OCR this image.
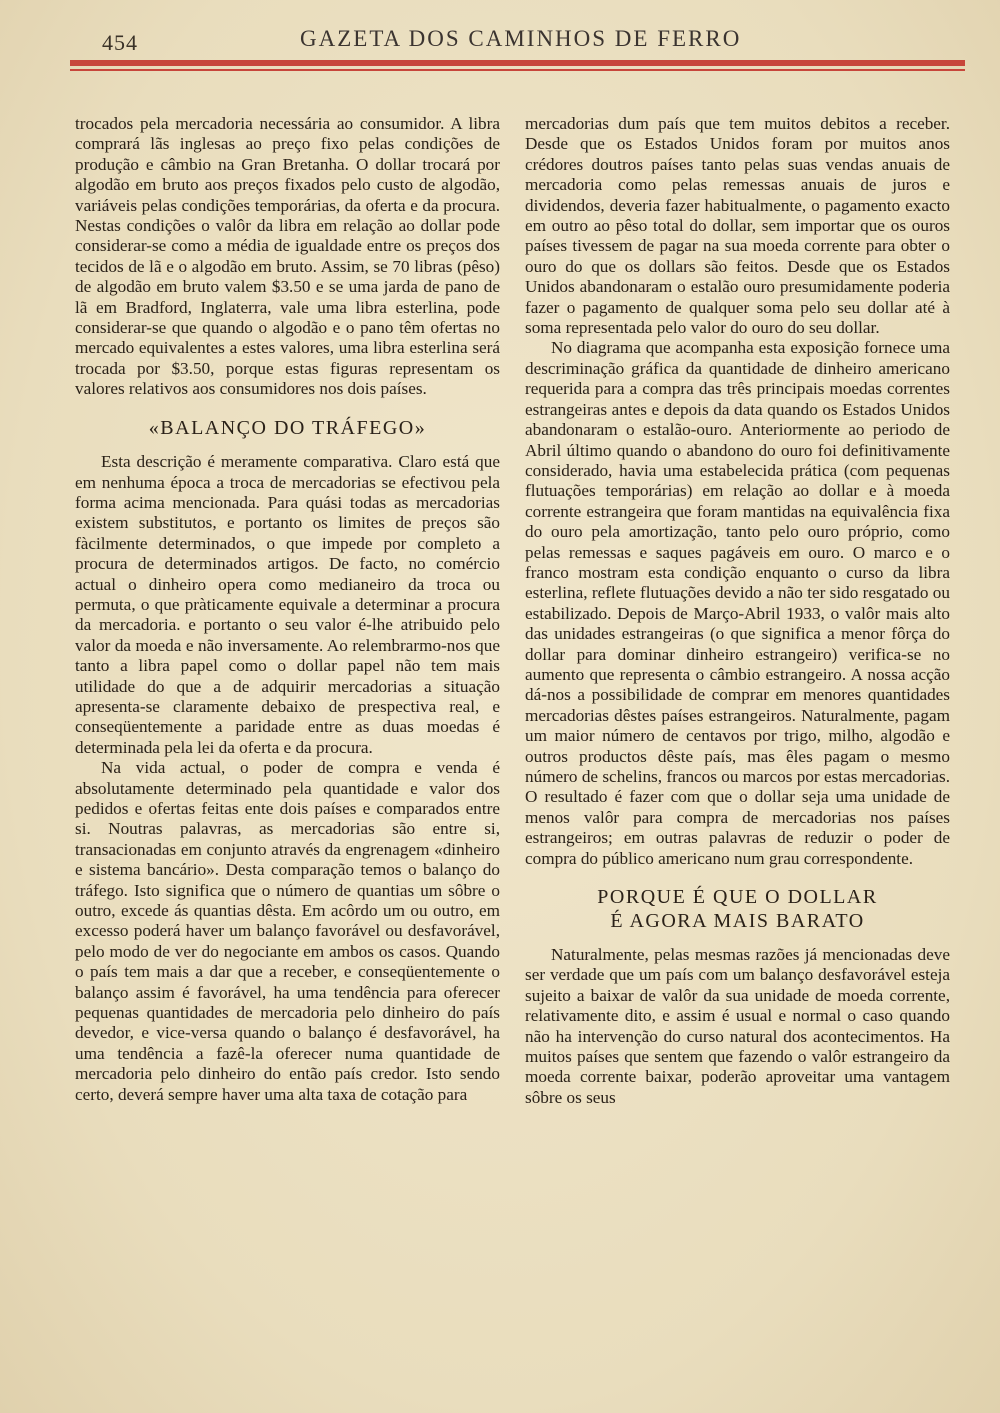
454	GAZETA DOS CAMINHOS DE FERRO

trocados pela mercadoria necessária ao consumidor. A libra comprará lãs inglesas ao preço fixo pelas condições de produção e câmbio na Gran Bretanha. O dollar trocará por algodão em bruto aos preços fixados pelo custo de algodão, variáveis pelas condições temporárias, da oferta e da procura. Nestas condições o valôr da libra em relação ao dollar pode considerar-se como a média de igualdade entre os preços dos tecidos de lã e o algodão em bruto. Assim, se 70 libras (pêso) de algodão em bruto valem $3.50 e se uma jarda de pano de lã em Bradford, Inglaterra, vale uma libra esterlina, pode considerar-se que quando o algodão e o pano têm ofertas no mercado equivalentes a estes valores, uma libra esterlina será trocada por $3.50, porque estas figuras representam os valores relativos aos consumidores nos dois países.

«BALANÇO DO TRÁFEGO»

Esta descrição é meramente comparativa. Claro está que em nenhuma época a troca de mercadorias se efectivou pela forma acima mencionada. Para quási todas as mercadorias existem substitutos, e portanto os limites de preços são fàcilmente determinados, o que impede por completo a procura de determinados artigos. De facto, no comércio actual o dinheiro opera como medianeiro da troca ou permuta, o que pràticamente equivale a determinar a procura da mercadoria. e portanto o seu valor é-lhe atribuido pelo valor da moeda e não inversamente. Ao relembrarmo-nos que tanto a libra papel como o dollar papel não tem mais utilidade do que a de adquirir mercadorias a situação apresenta-se claramente debaixo de prespectiva real, e conseqüentemente a paridade entre as duas moedas é determinada pela lei da oferta e da procura.

Na vida actual, o poder de compra e venda é absolutamente determinado pela quantidade e valor dos pedidos e ofertas feitas ente dois países e comparados entre si. Noutras palavras, as mercadorias são entre si, transacionadas em conjunto através da engrenagem «dinheiro e sistema bancário». Desta comparação temos o balanço do tráfego. Isto significa que o número de quantias um sôbre o outro, excede ás quantias dêsta. Em acôrdo um ou outro, em excesso poderá haver um balanço favorável ou desfavorável, pelo modo de ver do negociante em ambos os casos. Quando o país tem mais a dar que a receber, e conseqüentemente o balanço assim é favorável, ha uma tendência para oferecer pequenas quantidades de mercadoria pelo dinheiro do país devedor, e vice-versa quando o balanço é desfavorável, ha uma tendência a fazê-la oferecer numa quantidade de mercadoria pelo dinheiro do então país credor. Isto sendo certo, deverá sempre haver uma alta taxa de cotação para

mercadorias dum país que tem muitos debitos a receber. Desde que os Estados Unidos foram por muitos anos crédores doutros países tanto pelas suas vendas anuais de mercadoria como pelas remessas anuais de juros e dividendos, deveria fazer habitualmente, o pagamento exacto em outro ao pêso total do dollar, sem importar que os ouros países tivessem de pagar na sua moeda corrente para obter o ouro do que os dollars são feitos. Desde que os Estados Unidos abandonaram o estalão ouro presumidamente poderia fazer o pagamento de qualquer soma pelo seu dollar até à soma representada pelo valor do ouro do seu dollar.

No diagrama que acompanha esta exposição fornece uma descriminação gráfica da quantidade de dinheiro americano requerida para a compra das três principais moedas correntes estrangeiras antes e depois da data quando os Estados Unidos abandonaram o estalão-ouro. Anteriormente ao periodo de Abril último quando o abandono do ouro foi definitivamente considerado, havia uma estabelecida prática (com pequenas flutuações temporárias) em relação ao dollar e à moeda corrente estrangeira que foram mantidas na equivalência fixa do ouro pela amortização, tanto pelo ouro próprio, como pelas remessas e saques pagáveis em ouro. O marco e o franco mostram esta condição enquanto o curso da libra esterlina, reflete flutuações devido a não ter sido resgatado ou estabilizado. Depois de Março-Abril 1933, o valôr mais alto das unidades estrangeiras (o que significa a menor fôrça do dollar para dominar dinheiro estrangeiro) verifica-se no aumento que representa o câmbio estrangeiro. A nossa acção dá-nos a possibilidade de comprar em menores quantidades mercadorias dêstes países estrangeiros. Naturalmente, pagam um maior número de centavos por trigo, milho, algodão e outros productos dêste país, mas êles pagam o mesmo número de schelins, francos ou marcos por estas mercadorias. O resultado é fazer com que o dollar seja uma unidade de menos valôr para compra de mercadorias nos países estrangeiros; em outras palavras de reduzir o poder de compra do público americano num grau correspondente.

PORQUE É QUE O DOLLAR
É AGORA MAIS BARATO

Naturalmente, pelas mesmas razões já mencionadas deve ser verdade que um país com um balanço desfavorável esteja sujeito a baixar de valôr da sua unidade de moeda corrente, relativamente dito, e assim é usual e normal o caso quando não ha intervenção do curso natural dos acontecimentos. Ha muitos países que sentem que fazendo o valôr estrangeiro da moeda corrente baixar, poderão aproveitar uma vantagem sôbre os seus
